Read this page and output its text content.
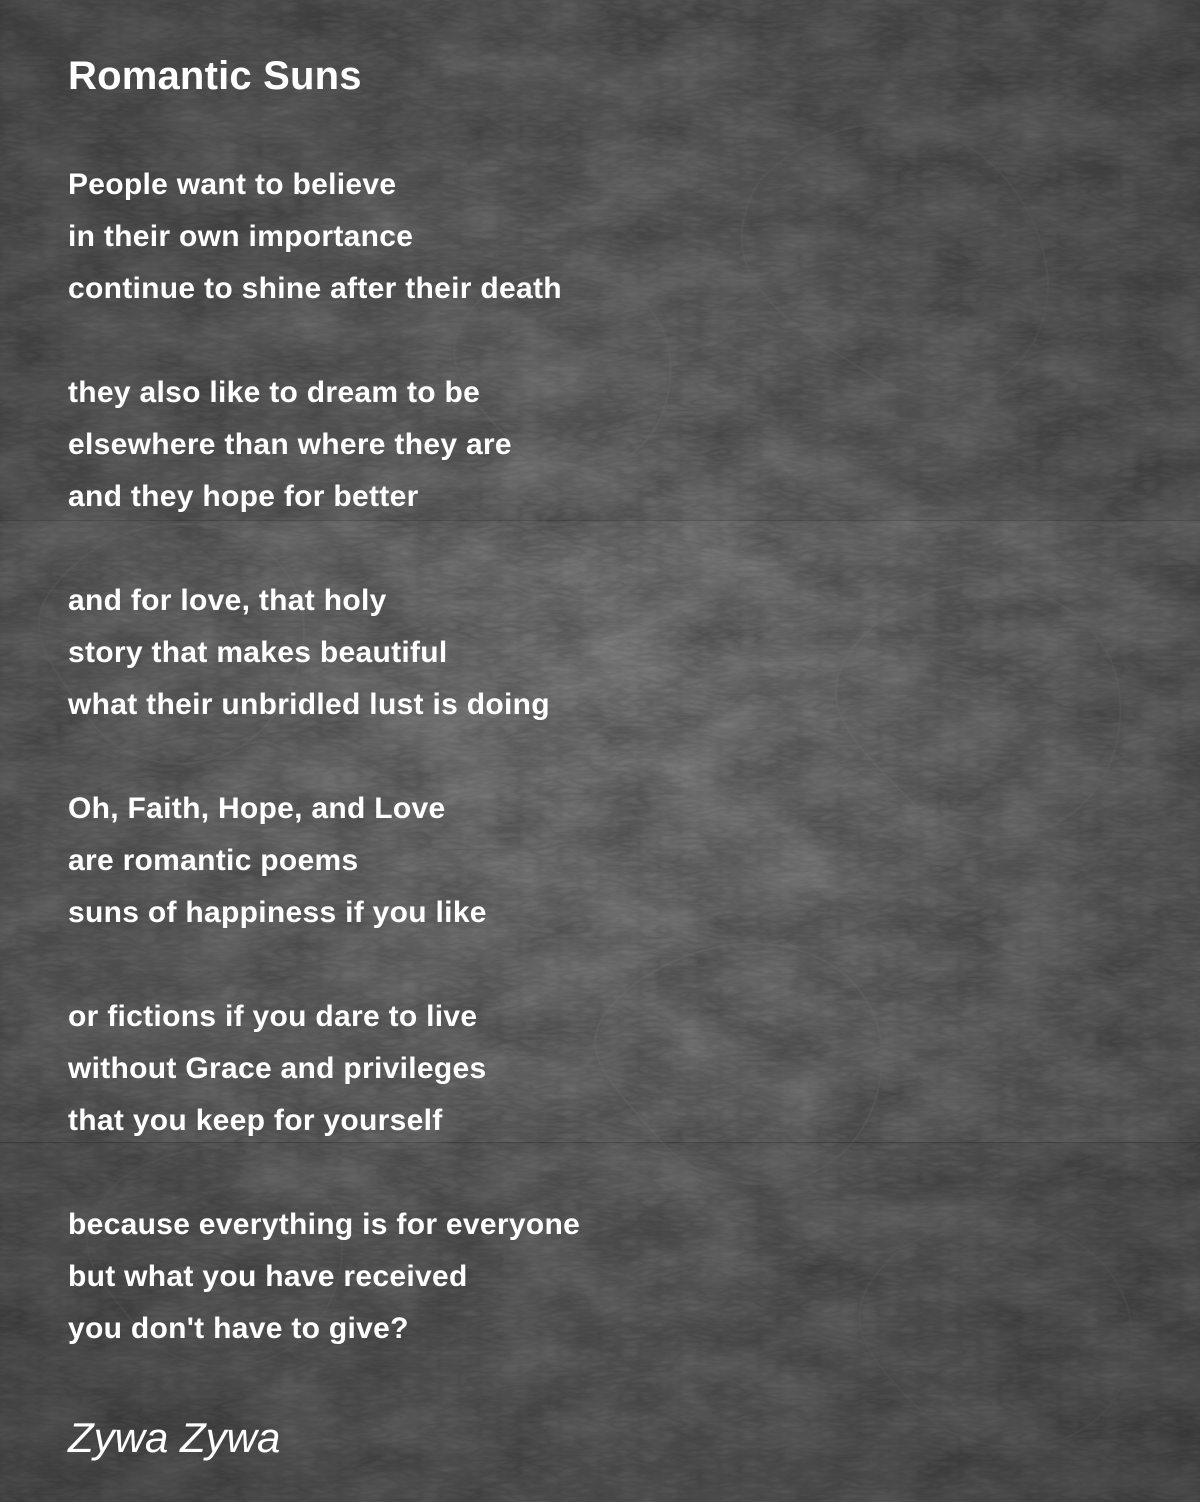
Romantic Suns
People want to believe
in their own importance
continue to shine after their death
they also like to dream to be
elsewhere than where they are
and they hope for better
and for love, that holy
story that makes beautiful
what their unbridled lust is doing
Oh, Faith, Hope, and Love
are romantic poems
suns of happiness if you like
or fictions if you dare to live
without Grace and privileges
that you keep for yourself
because everything is for everyone
but what you have received
you don't have to give?
Zywa Zywa
